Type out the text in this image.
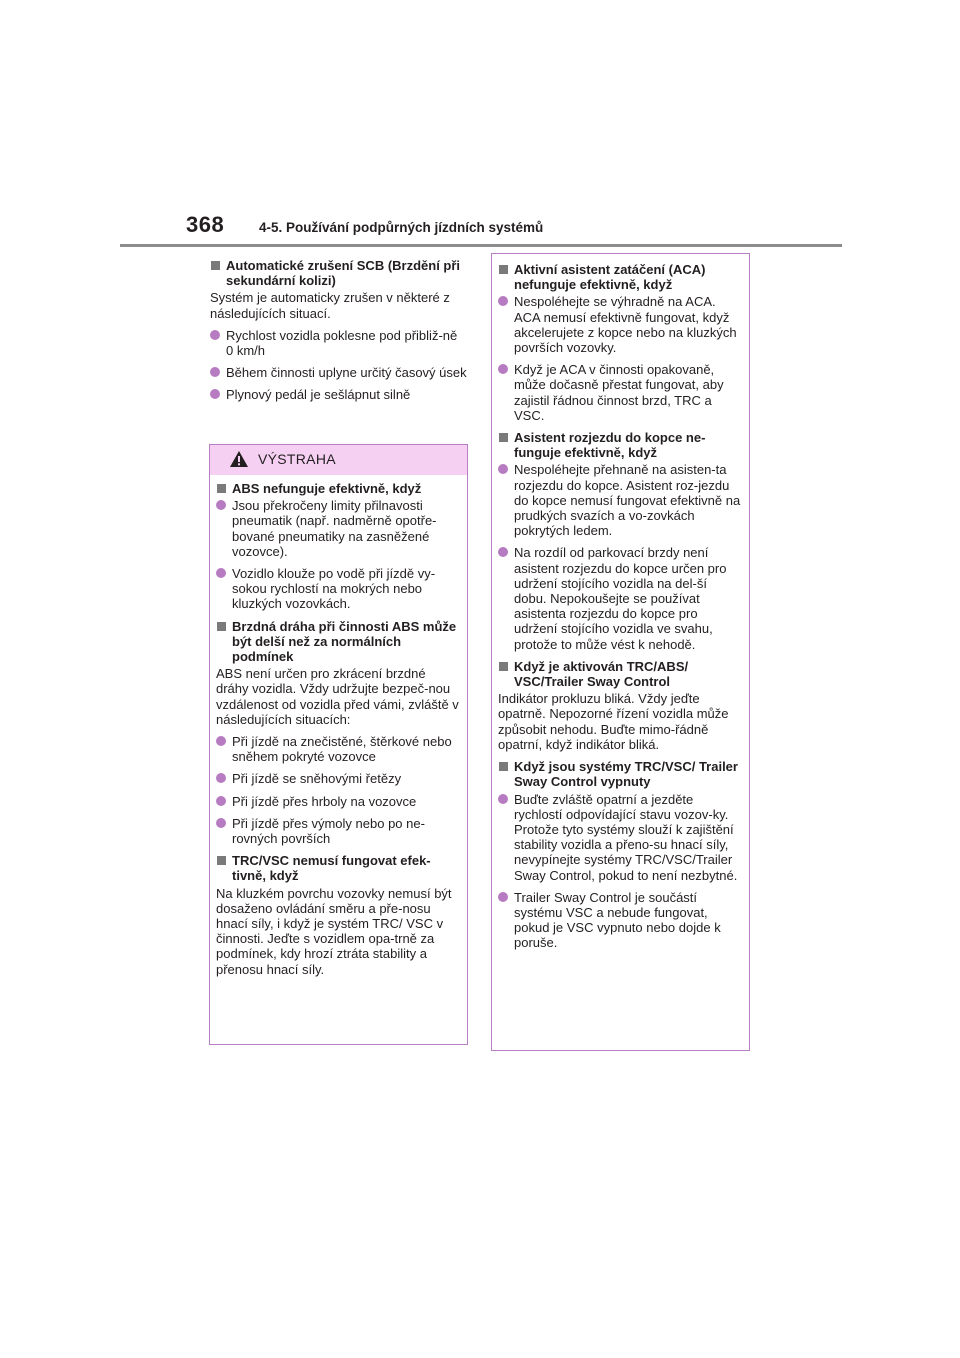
368	4-5. Používání podpůrných jízdních systémů
Automatické zrušení SCB (Brzdění při sekundární kolizi)
Systém je automaticky zrušen v některé z následujících situací.
Rychlost vozidla poklesne pod přibliž-ně 0 km/h
Během činnosti uplyne určitý časový úsek
Plynový pedál je sešlápnut silně
VÝSTRAHA
ABS nefunguje efektivně, když
Jsou překročeny limity přilnavosti pneumatik (např. nadměrně opotře-bované pneumatiky na zasněžené vozovce).
Vozidlo klouže po vodě při jízdě vy-sokou rychlostí na mokrých nebo kluzkých vozovkách.
Brzdná dráha při činnosti ABS může být delší než za normálních podmínek
ABS není určen pro zkrácení brzdné dráhy vozidla. Vždy udržujte bezpeč-nou vzdálenost od vozidla před vámi, zvláště v následujících situacích:
Při jízdě na znečistěné, štěrkové nebo sněhem pokryté vozovce
Při jízdě se sněhovými řetězy
Při jízdě přes hrboly na vozovce
Při jízdě přes výmoly nebo po ne-rovných površích
TRC/VSC nemusí fungovat efek-tivně, když
Na kluzkém povrchu vozovky nemusí být dosaženo ovládání směru a pře-nosu hnací síly, i když je systém TRC/ VSC v činnosti. Jeďte s vozidlem opa-trně za podmínek, kdy hrozí ztráta stability a přenosu hnací síly.
Aktivní asistent zatáčení (ACA) nefunguje efektivně, když
Nespoléhejte se výhradně na ACA. ACA nemusí efektivně fungovat, když akcelerujete z kopce nebo na kluzkých površích vozovky.
Když je ACA v činnosti opakovaně, může dočasně přestat fungovat, aby zajistil řádnou činnost brzd, TRC a VSC.
Asistent rozjezdu do kopce ne-funguje efektivně, když
Nespoléhejte přehnaně na asisten-ta rozjezdu do kopce. Asistent roz-jezdu do kopce nemusí fungovat efektivně na prudkých svazích a vo-zovkách pokrytých ledem.
Na rozdíl od parkovací brzdy není asistent rozjezdu do kopce určen pro udržení stojícího vozidla na del-ší dobu. Nepokoušejte se používat asistenta rozjezdu do kopce pro udržení stojícího vozidla ve svahu, protože to může vést k nehodě.
Když je aktivován TRC/ABS/ VSC/Trailer Sway Control
Indikátor prokluzu bliká. Vždy jeďte opatrně. Nepozorné řízení vozidla může způsobit nehodu. Buďte mimo-řádně opatrní, když indikátor bliká.
Když jsou systémy TRC/VSC/ Trailer Sway Control vypnuty
Buďte zvláště opatrní a jezděte rychlostí odpovídající stavu vozov-ky. Protože tyto systémy slouží k zajištění stability vozidla a přeno-su hnací síly, nevypínejte systémy TRC/VSC/Trailer Sway Control, pokud to není nezbytné.
Trailer Sway Control je součástí systému VSC a nebude fungovat, pokud je VSC vypnuto nebo dojde k poruše.
